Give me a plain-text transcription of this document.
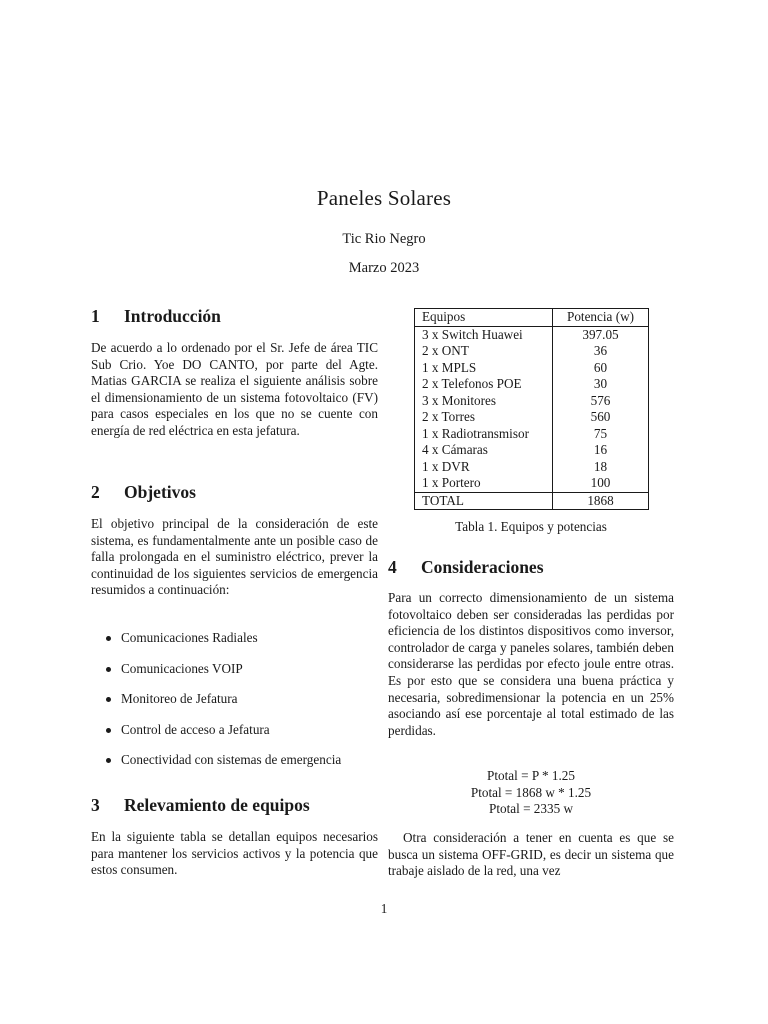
Paneles Solares
Tic Rio Negro
Marzo 2023
1 Introducción
De acuerdo a lo ordenado por el Sr. Jefe de área TIC Sub Crio. Yoe DO CANTO, por parte del Agte. Matias GARCIA se realiza el siguiente análisis sobre el dimensionamiento de un sistema fotovoltaico (FV) para casos especiales en los que no se cuente con energía de red eléctrica en esta jefatura.
2 Objetivos
El objetivo principal de la consideración de este sistema, es fundamentalmente ante un posible caso de falla prolongada en el suministro eléctrico, prever la continuidad de los siguientes servicios de emergencia resumidos a continuación:
Comunicaciones Radiales
Comunicaciones VOIP
Monitoreo de Jefatura
Control de acceso a Jefatura
Conectividad con sistemas de emergencia
3 Relevamiento de equipos
En la siguiente tabla se detallan equipos necesarios para mantener los servicios activos y la potencia que estos consumen.
Equipos	Potencia (w)
3 x Switch Huawei	397.05
2 x ONT	36
1 x MPLS	60
2 x Telefonos POE	30
3 x Monitores	576
2 x Torres	560
1 x Radiotransmisor	75
4 x Cámaras	16
1 x DVR	18
1 x Portero	100
TOTAL	1868
Tabla 1. Equipos y potencias
4 Consideraciones
Para un correcto dimensionamiento de un sistema fotovoltaico deben ser consideradas las perdidas por eficiencia de los distintos dispositivos como inversor, controlador de carga y paneles solares, también deben considerarse las perdidas por efecto joule entre otras. Es por esto que se considera una buena práctica y necesaria, sobredimensionar la potencia en un 25% asociando así ese porcentaje al total estimado de las perdidas.
Ptotal = P * 1.25
Ptotal = 1868 w * 1.25
Ptotal = 2335 w
Otra consideración a tener en cuenta es que se busca un sistema OFF-GRID, es decir un sistema que trabaje aislado de la red, una vez
1
